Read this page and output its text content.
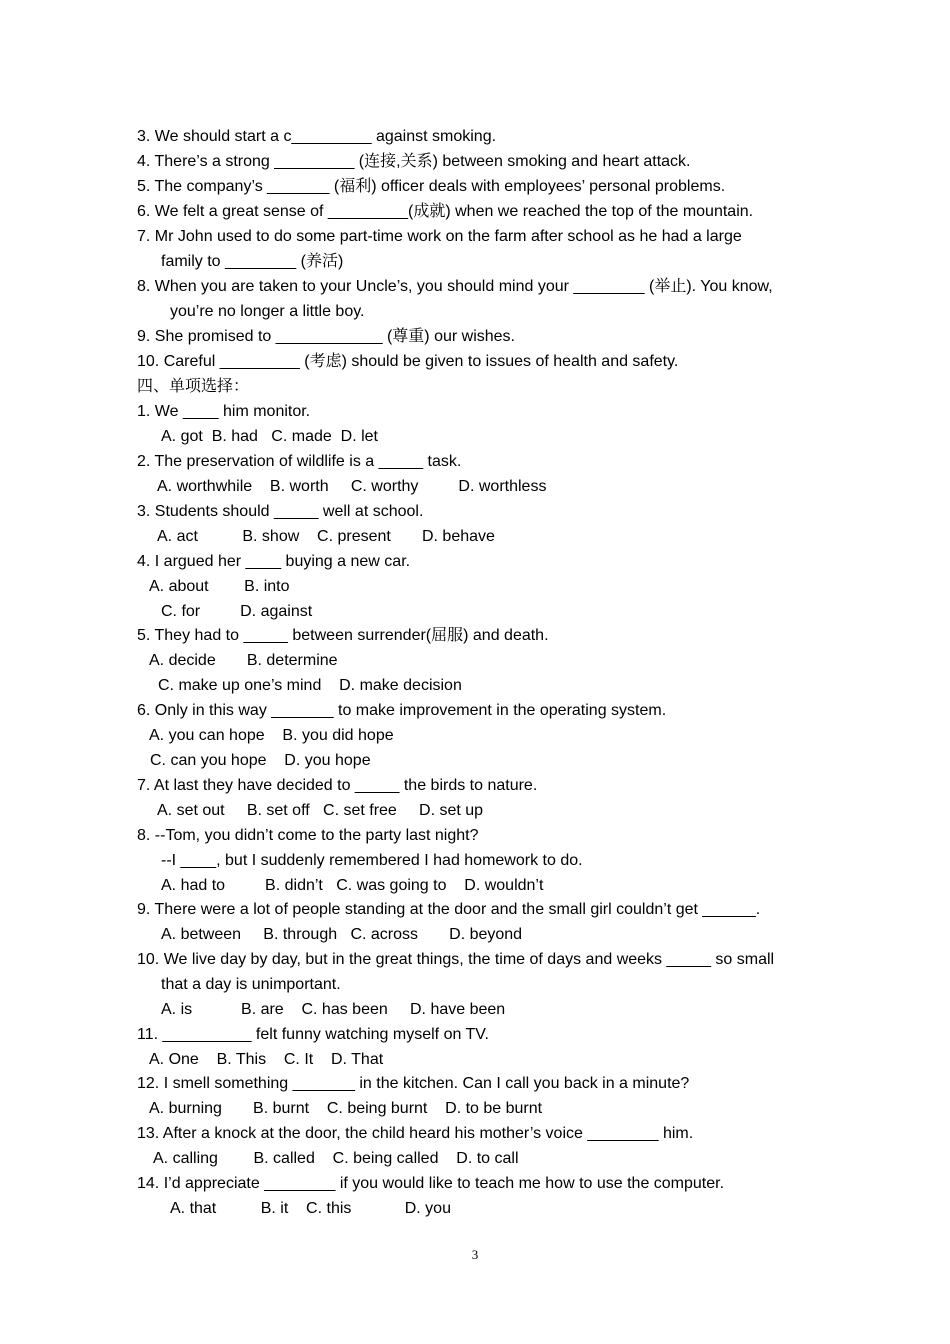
3. We should start a c_________ against smoking.
4. There’s a strong _________ (连接,关系) between smoking and heart attack.
5. The company’s _______ (福利) officer deals with employees’ personal problems.
6. We felt a great sense of _________(成就) when we reached the top of the mountain.
7. Mr John used to do some part-time work on the farm after school as he had a large
family to ________ (养活)
8. When you are taken to your Uncle’s, you should mind your ________ (举止). You know,
you’re no longer a little boy.
9. She promised to ____________ (尊重) our wishes.
10. Careful _________ (考虑) should be given to issues of health and safety.
四、单项选择：
1. We ____ him monitor.
A. got  B. had   C. made  D. let
2. The preservation of wildlife is a _____ task.
A. worthwhile    B. worth     C. worthy         D. worthless
3. Students should _____ well at school.
A. act          B. show    C. present       D. behave
4. I argued her ____ buying a new car.
A. about        B. into
C. for         D. against
5. They had to _____ between surrender(屈服) and death.
A. decide       B. determine
C. make up one’s mind    D. make decision
6. Only in this way _______ to make improvement in the operating system.
A. you can hope    B. you did hope
C. can you hope    D. you hope
7. At last they have decided to _____ the birds to nature.
A. set out     B. set off   C. set free     D. set up
8. --Tom, you didn’t come to the party last night?
--I ____, but I suddenly remembered I had homework to do.
A. had to         B. didn’t   C. was going to    D. wouldn’t
9. There were a lot of people standing at the door and the small girl couldn’t get ______.
A. between     B. through   C. across       D. beyond
10. We live day by day, but in the great things, the time of days and weeks _____ so small
that a day is unimportant.
A. is           B. are    C. has been     D. have been
11. __________ felt funny watching myself on TV.
A. One    B. This    C. It    D. That
12. I smell something _______ in the kitchen. Can I call you back in a minute?
A. burning       B. burnt    C. being burnt    D. to be burnt
13. After a knock at the door, the child heard his mother’s voice ________ him.
A. calling        B. called    C. being called    D. to call
14. I’d appreciate ________ if you would like to teach me how to use the computer.
A. that          B. it    C. this            D. you
3
